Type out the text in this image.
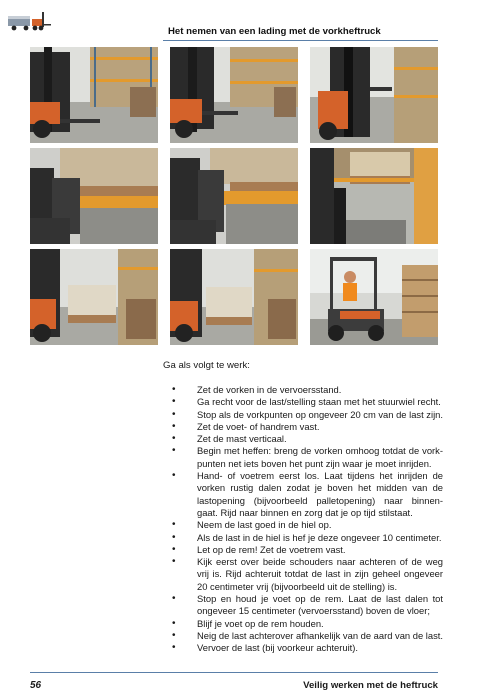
Het nemen van een lading met de vorkheftruck
Ga als volgt te werk:
• Zet de vorken in de vervoersstand.
• Ga recht voor de last/stelling staan met het stuurwiel recht.
• Stop als de vorkpunten op ongeveer 20 cm van de last zijn.
• Zet de voet- of handrem vast.
• Zet de mast verticaal.
• Begin met heffen: breng de vorken omhoog totdat de vork-
punten net iets boven het punt zijn waar je moet inrijden.
• Hand- of voetrem eerst los. Laat tijdens het inrijden de
vorken rustig dalen zodat je boven het midden van de
lastopening (bijvoorbeeld palletopening) naar binnen-
gaat. Rijd naar binnen en zorg dat je op tijd stilstaat.
• Neem de last goed in de hiel op.
• Als de last in de hiel is hef je deze ongeveer 10 centimeter.
• Let op de rem! Zet de voetrem vast.
• Kijk eerst over beide schouders naar achteren of de weg
vrij is. Rijd achteruit totdat de last in zijn geheel ongeveer
20 centimeter vrij (bijvoorbeeld uit de stelling) is.
• Stop en houd je voet op de rem. Laat de last dalen tot
ongeveer 15 centimeter (vervoersstand) boven de vloer;
• Blijf je voet op de rem houden.
• Neig de last achterover afhankelijk van de aard van de last.
• Vervoer de last (bij voorkeur achteruit).
56	Veilig werken met de heftruck
